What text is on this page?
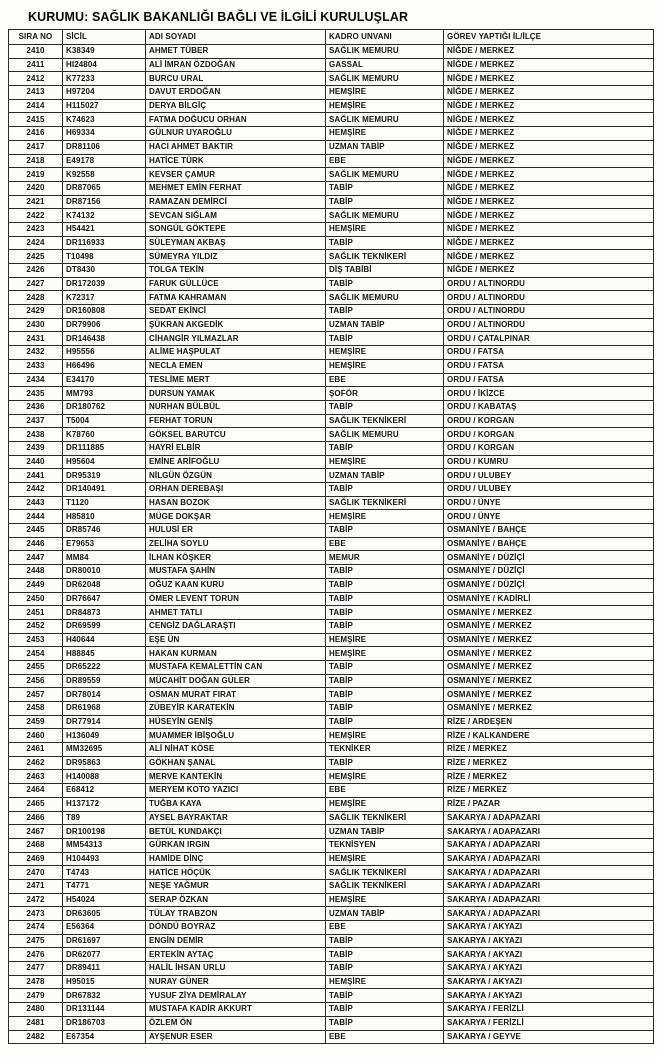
KURUMU: SAĞLIK BAKANLIĞI BAĞLI VE İLGİLİ KURULUŞLAR
SIRA NO	SİCİL	ADI SOYADI	KADRO UNVANI	GÖREV YAPTIĞI İL/İLÇE
2410	K38349	AHMET TÜBER	SAĞLIK MEMURU	NİĞDE / MERKEZ
2411	HI24804	ALİ İMRAN ÖZDOĞAN	GASSAL	NİĞDE / MERKEZ
2412	K77233	BURCU URAL	SAĞLIK MEMURU	NİĞDE / MERKEZ
2413	H97204	DAVUT ERDOĞAN	HEMŞİRE	NİĞDE / MERKEZ
2414	H115027	DERYA BİLGİÇ	HEMŞİRE	NİĞDE / MERKEZ
2415	K74623	FATMA DOĞUCU ORHAN	SAĞLIK MEMURU	NİĞDE / MERKEZ
2416	H69334	GÜLNUR UYAROĞLU	HEMŞİRE	NİĞDE / MERKEZ
2417	DR81106	HACI AHMET BAKTIR	UZMAN TABİP	NİĞDE / MERKEZ
2418	E49178	HATİCE TÜRK	EBE	NİĞDE / MERKEZ
2419	K92558	KEVSER ÇAMUR	SAĞLIK MEMURU	NİĞDE / MERKEZ
2420	DR87065	MEHMET EMİN FERHAT	TABİP	NİĞDE / MERKEZ
2421	DR87156	RAMAZAN DEMİRCİ	TABİP	NİĞDE / MERKEZ
2422	K74132	SEVCAN SIĞLAM	SAĞLIK MEMURU	NİĞDE / MERKEZ
2423	H54421	SONGÜL GÖKTEPE	HEMŞİRE	NİĞDE / MERKEZ
2424	DR116933	SÜLEYMAN AKBAŞ	TABİP	NİĞDE / MERKEZ
2425	T10498	SÜMEYRA YILDIZ	SAĞLIK TEKNİKERİ	NİĞDE / MERKEZ
2426	DT8430	TOLGA TEKİN	DİŞ TABİBİ	NİĞDE / MERKEZ
2427	DR172039	FARUK GÜLLÜCE	TABİP	ORDU / ALTINORDU
2428	K72317	FATMA KAHRAMAN	SAĞLIK MEMURU	ORDU / ALTINORDU
2429	DR160808	SEDAT EKİNCİ	TABİP	ORDU / ALTINORDU
2430	DR79906	ŞÜKRAN AKGEDİK	UZMAN TABİP	ORDU / ALTINORDU
2431	DR146438	CİHANGİR YILMAZLAR	TABİP	ORDU / ÇATALPINAR
2432	H95556	ALİME HAŞPULAT	HEMŞİRE	ORDU / FATSA
2433	H66496	NECLA EMEN	HEMŞİRE	ORDU / FATSA
2434	E34170	TESLİME MERT	EBE	ORDU / FATSA
2435	MM793	DURSUN YAMAK	ŞOFÖR	ORDU / İKİZCE
2436	DR180762	NURHAN BÜLBÜL	TABİP	ORDU / KABATAŞ
2437	T5004	FERHAT TORUN	SAĞLIK TEKNİKERİ	ORDU / KORGAN
2438	K78760	GÖKSEL BARUTCU	SAĞLIK MEMURU	ORDU / KORGAN
2439	DR111885	HAYRİ ELBİR	TABİP	ORDU / KORGAN
2440	H95604	EMİNE ARİFOĞLU	HEMŞİRE	ORDU / KUMRU
2441	DR95319	NİLGÜN ÖZGÜN	UZMAN TABİP	ORDU / ULUBEY
2442	DR140491	ORHAN DEREBAŞI	TABİP	ORDU / ULUBEY
2443	T1120	HASAN BOZOK	SAĞLIK TEKNİKERİ	ORDU / ÜNYE
2444	H85810	MÜGE DOKŞAR	HEMŞİRE	ORDU / ÜNYE
2445	DR85746	HULUSİ ER	TABİP	OSMANİYE / BAHÇE
2446	E79653	ZELİHA SOYLU	EBE	OSMANİYE / BAHÇE
2447	MM84	İLHAN KÖŞKER	MEMUR	OSMANİYE / DÜZİÇİ
2448	DR80010	MUSTAFA ŞAHİN	TABİP	OSMANİYE / DÜZİÇİ
2449	DR62048	OĞUZ KAAN KURU	TABİP	OSMANİYE / DÜZİÇİ
2450	DR76647	ÖMER LEVENT TORUN	TABİP	OSMANİYE / KADİRLİ
2451	DR84873	AHMET TATLI	TABİP	OSMANİYE / MERKEZ
2452	DR69599	CENGİZ DAĞLARAŞTI	TABİP	OSMANİYE / MERKEZ
2453	H40644	EŞE ÜN	HEMŞİRE	OSMANİYE / MERKEZ
2454	H88845	HAKAN KURMAN	HEMŞİRE	OSMANİYE / MERKEZ
2455	DR65222	MUSTAFA KEMALETTİN CAN	TABİP	OSMANİYE / MERKEZ
2456	DR89559	MÜCAHİT DOĞAN GÜLER	TABİP	OSMANİYE / MERKEZ
2457	DR78014	OSMAN MURAT FIRAT	TABİP	OSMANİYE / MERKEZ
2458	DR61968	ZÜBEYİR KARATEKİN	TABİP	OSMANİYE / MERKEZ
2459	DR77914	HÜSEYİN GENİŞ	TABİP	RİZE / ARDEŞEN
2460	H136049	MUAMMER İBİŞOĞLU	HEMŞİRE	RİZE / KALKANDERE
2461	MM32695	ALİ NİHAT KÖSE	TEKNİKER	RİZE / MERKEZ
2462	DR95863	GÖKHAN ŞANAL	TABİP	RİZE / MERKEZ
2463	H140088	MERVE KANTEKİN	HEMŞİRE	RİZE / MERKEZ
2464	E68412	MERYEM KOTO YAZICI	EBE	RİZE / MERKEZ
2465	H137172	TUĞBA KAYA	HEMŞİRE	RİZE / PAZAR
2466	T89	AYSEL BAYRAKTAR	SAĞLIK TEKNİKERİ	SAKARYA / ADAPAZARI
2467	DR100198	BETÜL KUNDAKÇI	UZMAN TABİP	SAKARYA / ADAPAZARI
2468	MM54313	GÜRKAN IRGIN	TEKNİSYEN	SAKARYA / ADAPAZARI
2469	H104493	HAMİDE DİNÇ	HEMŞİRE	SAKARYA / ADAPAZARI
2470	T4743	HATİCE HÖÇÜK	SAĞLIK TEKNİKERİ	SAKARYA / ADAPAZARI
2471	T4771	NEŞE YAĞMUR	SAĞLIK TEKNİKERİ	SAKARYA / ADAPAZARI
2472	H54024	SERAP ÖZKAN	HEMŞİRE	SAKARYA / ADAPAZARI
2473	DR63605	TÜLAY TRABZON	UZMAN TABİP	SAKARYA / ADAPAZARI
2474	E56364	DÖNDÜ BOYRAZ	EBE	SAKARYA / AKYAZI
2475	DR61697	ENGİN DEMİR	TABİP	SAKARYA / AKYAZI
2476	DR62077	ERTEKİN AYTAÇ	TABİP	SAKARYA / AKYAZI
2477	DR89411	HALİL İHSAN URLU	TABİP	SAKARYA / AKYAZI
2478	H95015	NURAY GÜNER	HEMŞİRE	SAKARYA / AKYAZI
2479	DR67832	YUSUF ZİYA DEMİRALAY	TABİP	SAKARYA / AKYAZI
2480	DR131144	MUSTAFA KADİR AKKURT	TABİP	SAKARYA / FERİZLİ
2481	DR186703	ÖZLEM ÖN	TABİP	SAKARYA / FERİZLİ
2482	E67354	AYŞENUR ESER	EBE	SAKARYA / GEYVE
